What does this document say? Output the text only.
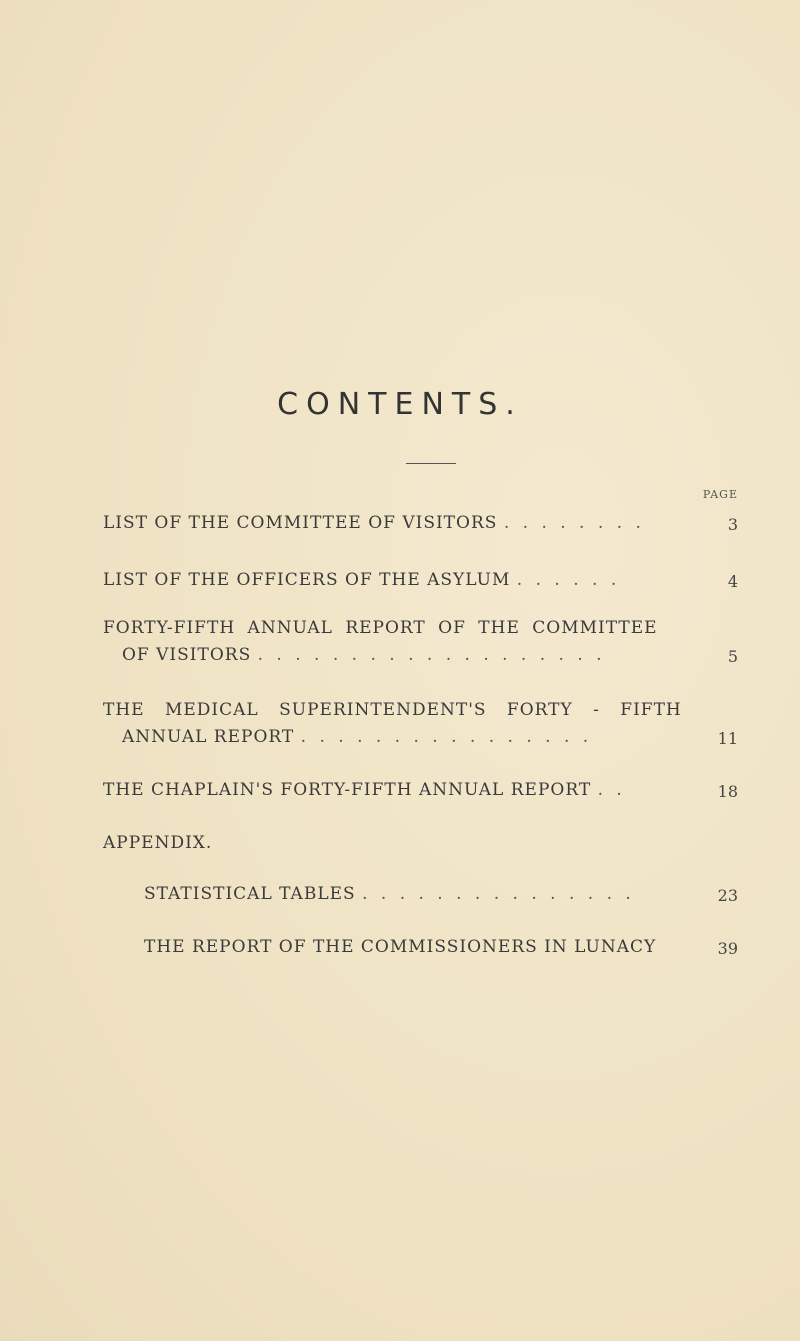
CONTENTS.
PAGE
LIST OF THE COMMITTEE OF VISITORS . . . . . . . .	3
LIST OF THE OFFICERS OF THE ASYLUM . . . . . .	4
FORTY-FIFTH ANNUAL REPORT OF THE COMMITTEE
OF VISITORS . . . . . . . . . . . . . . . . . . .	5
THE MEDICAL SUPERINTENDENT'S FORTY - FIFTH
ANNUAL REPORT . . . . . . . . . . . . . . . .	11
THE CHAPLAIN'S FORTY-FIFTH ANNUAL REPORT . .	18
APPENDIX.
STATISTICAL TABLES . . . . . . . . . . . . . . .	23
THE REPORT OF THE COMMISSIONERS IN LUNACY	39
